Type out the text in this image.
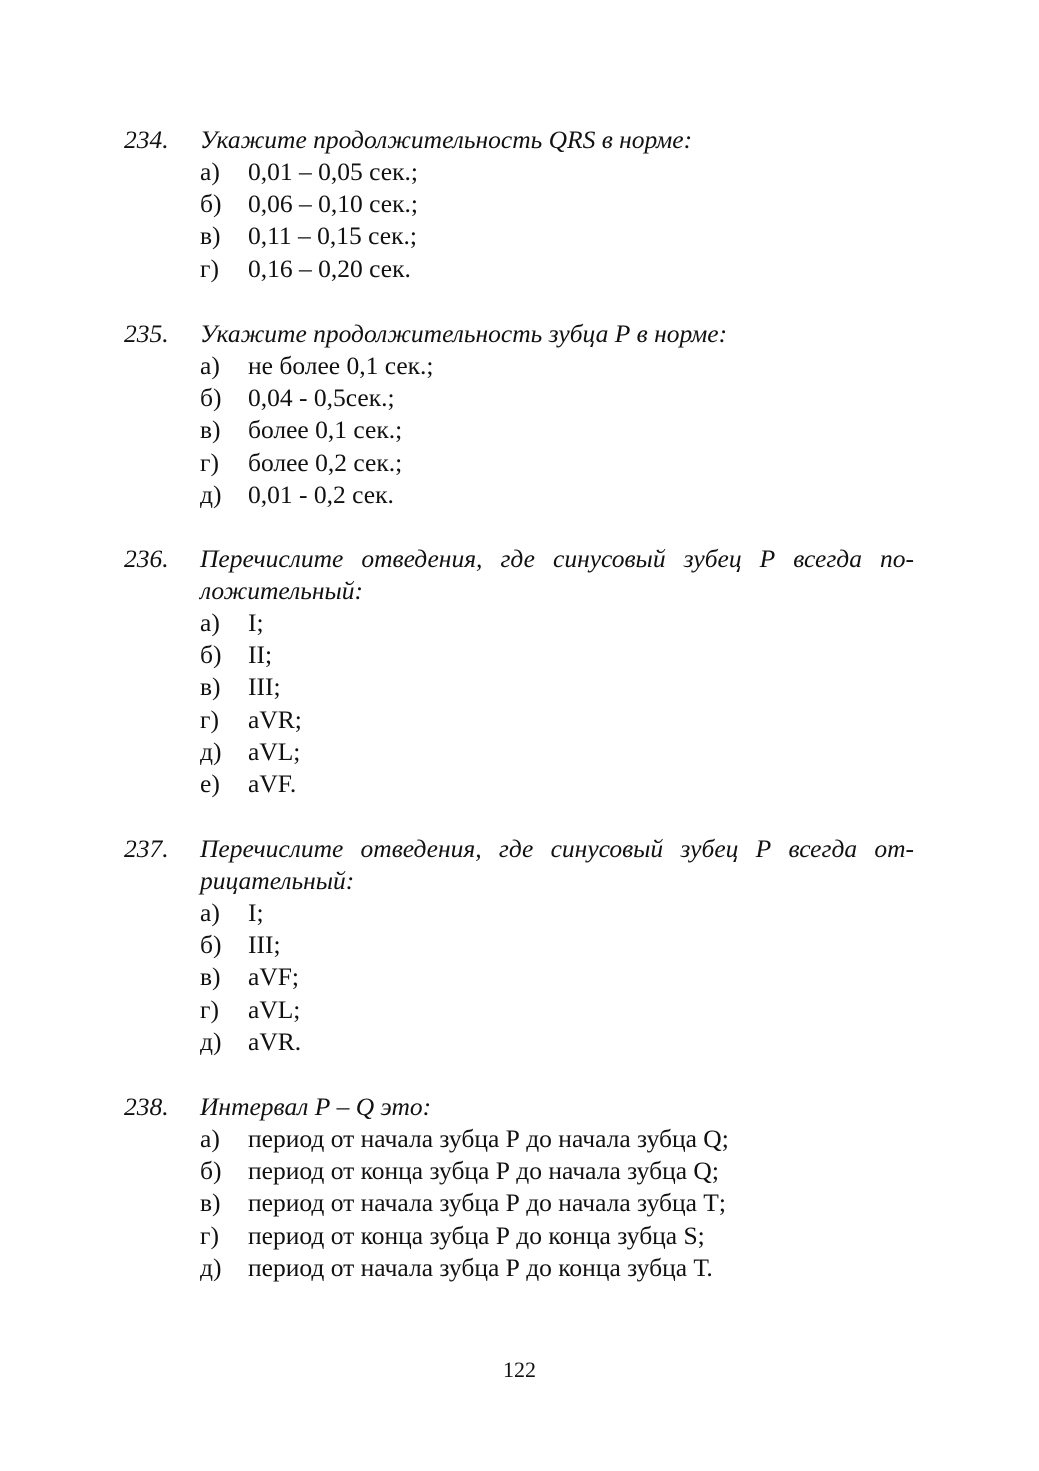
234.	Укажите продолжительность QRS в норме:
а) 0,01 – 0,05 сек.;
б) 0,06 – 0,10 сек.;
в) 0,11 – 0,15 сек.;
г) 0,16 – 0,20 сек.
235.	Укажите продолжительность зубца Р в норме:
а) не более 0,1 сек.;
б) 0,04 - 0,5сек.;
в) более 0,1 сек.;
г) более 0,2 сек.;
д) 0,01 - 0,2 сек.
236.	Перечислите отведения, где синусовый зубец Р всегда по-
ложительный:
а) I;
б) II;
в) III;
г) aVR;
д) aVL;
е) aVF.
237.	Перечислите отведения, где синусовый зубец Р всегда от-
рицательный:
а) I;
б) III;
в) aVF;
г) aVL;
д) aVR.
238.	Интервал Р – Q это:
а) период от начала зубца Р до начала зубца Q;
б) период от конца зубца Р до начала зубца Q;
в) период от начала зубца Р до начала зубца Т;
г) период от конца зубца Р до конца зубца S;
д) период от начала зубца Р до конца зубца Т.
122
